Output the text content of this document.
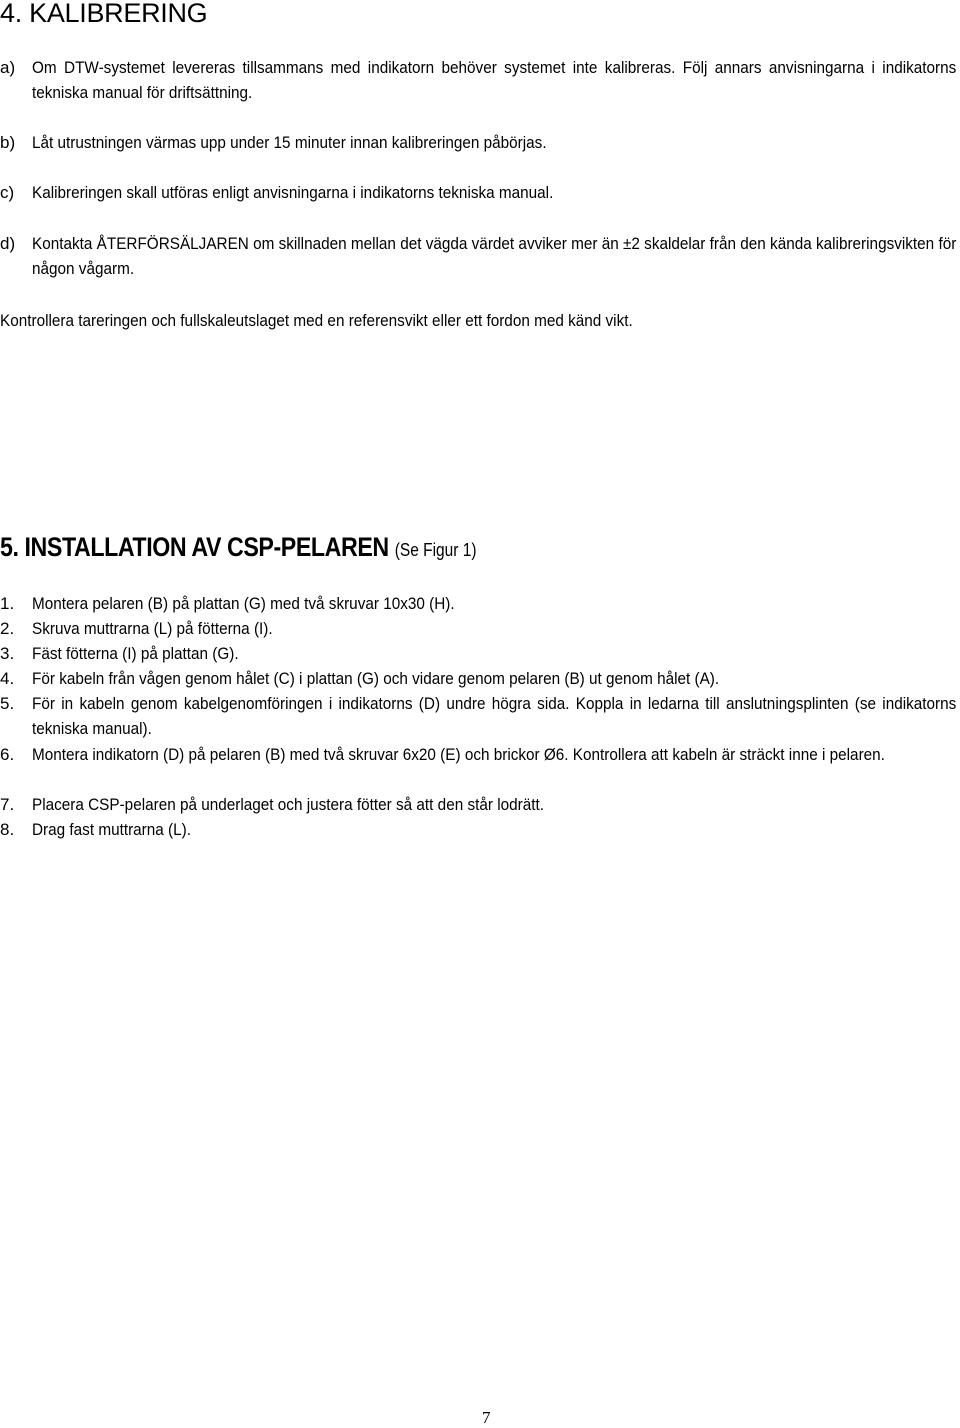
4. KALIBRERING
a) Om DTW-systemet levereras tillsammans med indikatorn behöver systemet inte kalibreras. Följ annars anvisningarna i indikatorns tekniska manual för driftsättning.
b) Låt utrustningen värmas upp under 15 minuter innan kalibreringen påbörjas.
c) Kalibreringen skall utföras enligt anvisningarna i indikatorns tekniska manual.
d) Kontakta ÅTERFÖRSÄLJAREN om skillnaden mellan det vägda värdet avviker mer än ±2 skaldelar från den kända kalibreringsvikten för någon vågarm.
Kontrollera tareringen och fullskaleutslaget med en referensvikt eller ett fordon med känd vikt.
5. INSTALLATION AV CSP-PELAREN (Se Figur 1)
1. Montera pelaren (B) på plattan (G) med två skruvar 10x30 (H).
2. Skruva muttrarna (L) på fötterna (I).
3. Fäst fötterna (I) på plattan (G).
4. För kabeln från vågen genom hålet (C) i plattan (G) och vidare genom pelaren (B) ut genom hålet (A).
5. För in kabeln genom kabelgenomföringen i indikatorns (D) undre högra sida. Koppla in ledarna till anslutningsplinten (se indikatorns tekniska manual).
6. Montera indikatorn (D) på pelaren (B) med två skruvar 6x20 (E) och brickor Ø6. Kontrollera att kabeln är sträckt inne i pelaren.
7. Placera CSP-pelaren på underlaget och justera fötter så att den står lodrätt.
8. Drag fast muttrarna (L).
7
